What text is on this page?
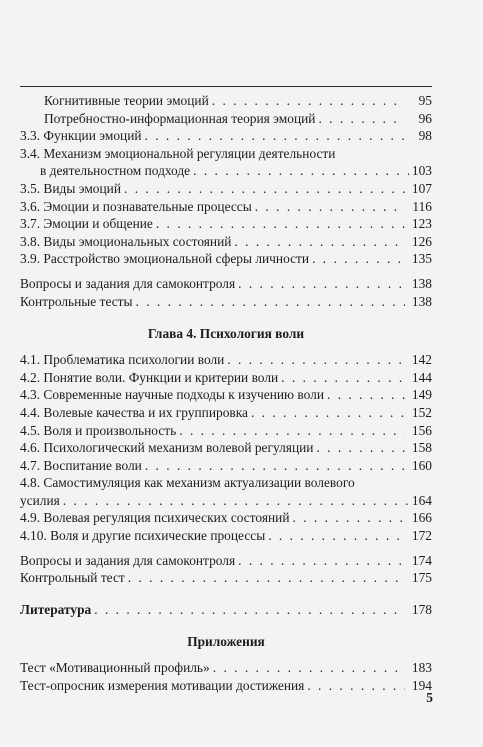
Когнитивные теории эмоций . . .	95
Потребностно-информационная теория эмоций . . .	96
3.3. Функции эмоций . . .	98
3.4. Механизм эмоциональной регуляции деятельности
в деятельностном подходе . . .	103
3.5. Виды эмоций . . .	107
3.6. Эмоции и познавательные процессы . . .	116
3.7. Эмоции и общение . . .	123
3.8. Виды эмоциональных состояний . . .	126
3.9. Расстройство эмоциональной сферы личности . . .	135
Вопросы и задания для самоконтроля . . .	138
Контрольные тесты . . .	138
Глава 4. Психология воли
4.1. Проблематика психологии воли . . .	142
4.2. Понятие воли. Функции и критерии воли . . .	144
4.3. Современные научные подходы к изучению воли . . .	149
4.4. Волевые качества и их группировка . . .	152
4.5. Воля и произвольность . . .	156
4.6. Психологический механизм волевой регуляции . . .	158
4.7. Воспитание воли . . .	160
4.8. Самостимуляция как механизм актуализации волевого
усилия . . .	164
4.9. Волевая регуляция психических состояний . . .	166
4.10. Воля и другие психические процессы . . .	172
Вопросы и задания для самоконтроля . . .	174
Контрольный тест . . .	175
Литература . . .	178
Приложения
Тест «Мотивационный профиль» . . .	183
Тест-опросник измерения мотивации достижения . . .	194
5
